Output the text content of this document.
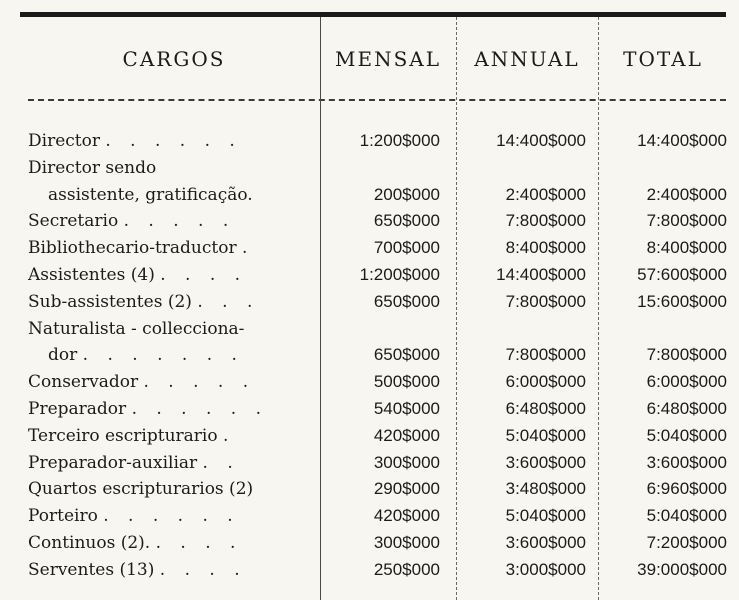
CARGOS	MENSAL	ANNUAL	TOTAL
Director . . . . . .	1:200$000	14:400$000	14:400$000
Director sendo
assistente, gratificação.	200$000	2:400$000	2:400$000
Secretario . . . . .	650$000	7:800$000	7:800$000
Bibliothecario-traductor .	700$000	8:400$000	8:400$000
Assistentes (4) . . . .	1:200$000	14:400$000	57:600$000
Sub-assistentes (2) . . .	650$000	7:800$000	15:600$000
Naturalista - colleccionа-
dor . . . . . . .	650$000	7:800$000	7:800$000
Conservador . . . . .	500$000	6:000$000	6:000$000
Preparador . . . . . .	540$000	6:480$000	6:480$000
Terceiro escripturario .	420$000	5:040$000	5:040$000
Preparador-auxiliar . .	300$000	3:600$000	3:600$000
Quartos escripturarios (2)	290$000	3:480$000	6:960$000
Porteiro . . . . . .	420$000	5:040$000	5:040$000
Continuos (2). . . . .	300$000	3:600$000	7:200$000
Serventes (13) . . . .	250$000	3:000$000	39:000$000
